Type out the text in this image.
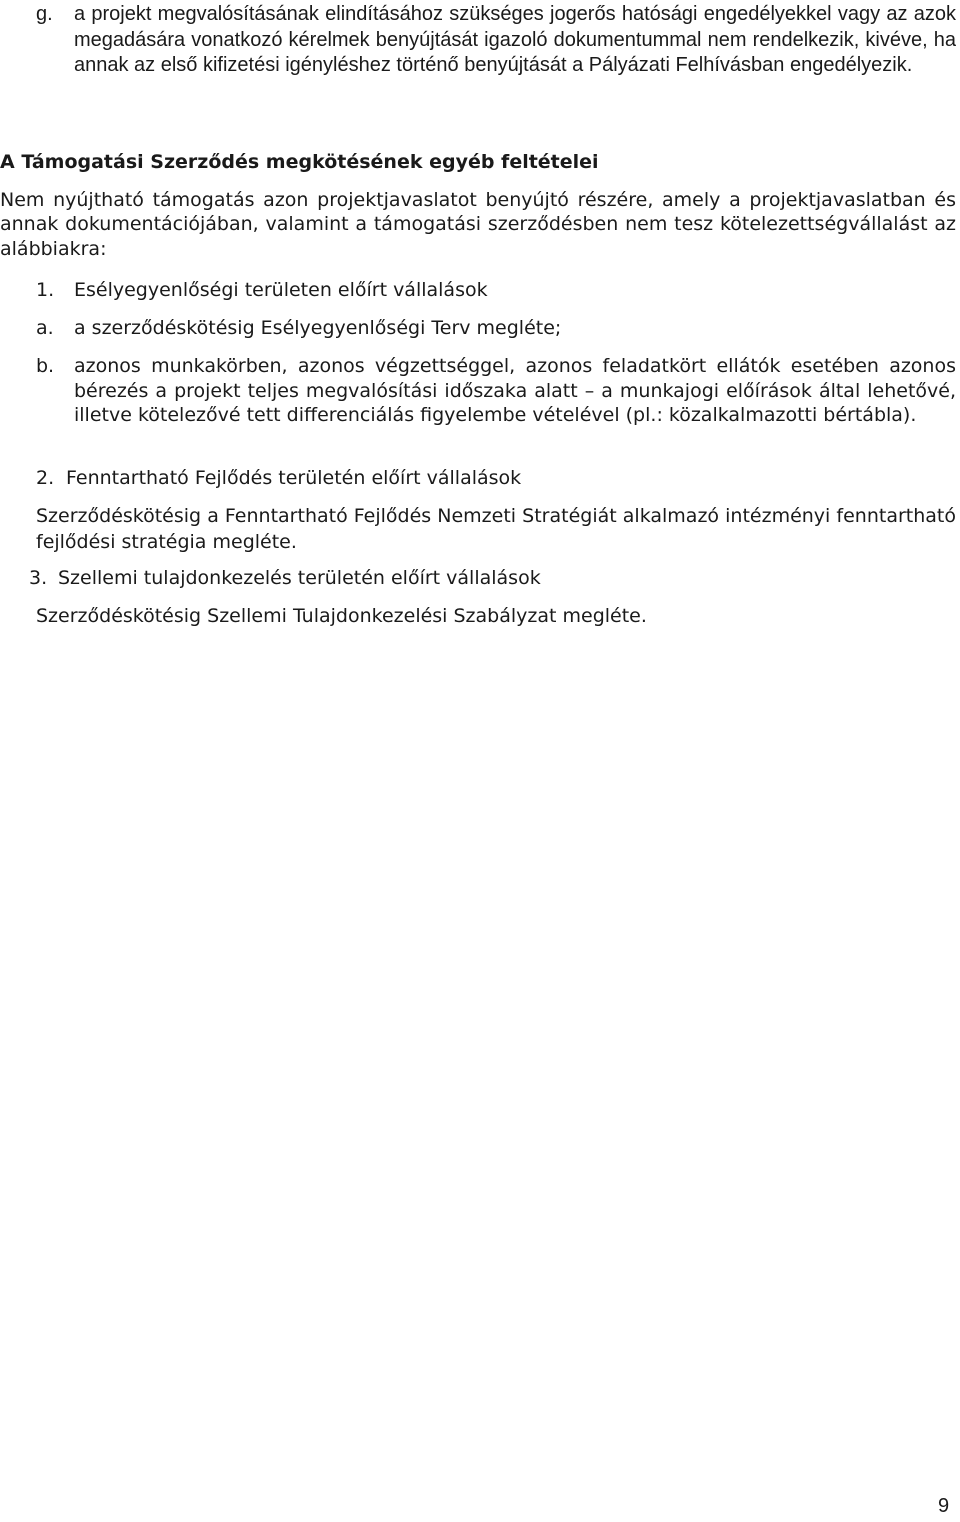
g. a projekt megvalósításának elindításához szükséges jogerős hatósági engedélyekkel vagy az azok megadására vonatkozó kérelmek benyújtását igazoló dokumentummal nem rendelkezik, kivéve, ha annak az első kifizetési igényléshez történő benyújtását a Pályázati Felhívásban engedélyezik.
A Támogatási Szerződés megkötésének egyéb feltételei
Nem nyújtható támogatás azon projektjavaslatot benyújtó részére, amely a projektjavaslatban és annak dokumentációjában, valamint a támogatási szerződésben nem tesz kötelezettségvállalást az alábbiakra:
1. Esélyegyenlőségi területen előírt vállalások
a. a szerződéskötésig Esélyegyenlőségi Terv megléte;
b. azonos munkakörben, azonos végzettséggel, azonos feladatkört ellátók esetében azonos bérezés a projekt teljes megvalósítási időszaka alatt – a munkajogi előírások által lehetővé, illetve kötelezővé tett differenciálás figyelembe vételével (pl.: közalkalmazotti bértábla).
2. Fenntartható Fejlődés területén előírt vállalások
Szerződéskötésig a Fenntartható Fejlődés Nemzeti Stratégiát alkalmazó intézményi fenntartható fejlődési stratégia megléte.
3. Szellemi tulajdonkezelés területén előírt vállalások
Szerződéskötésig Szellemi Tulajdonkezelési Szabályzat megléte.
9
